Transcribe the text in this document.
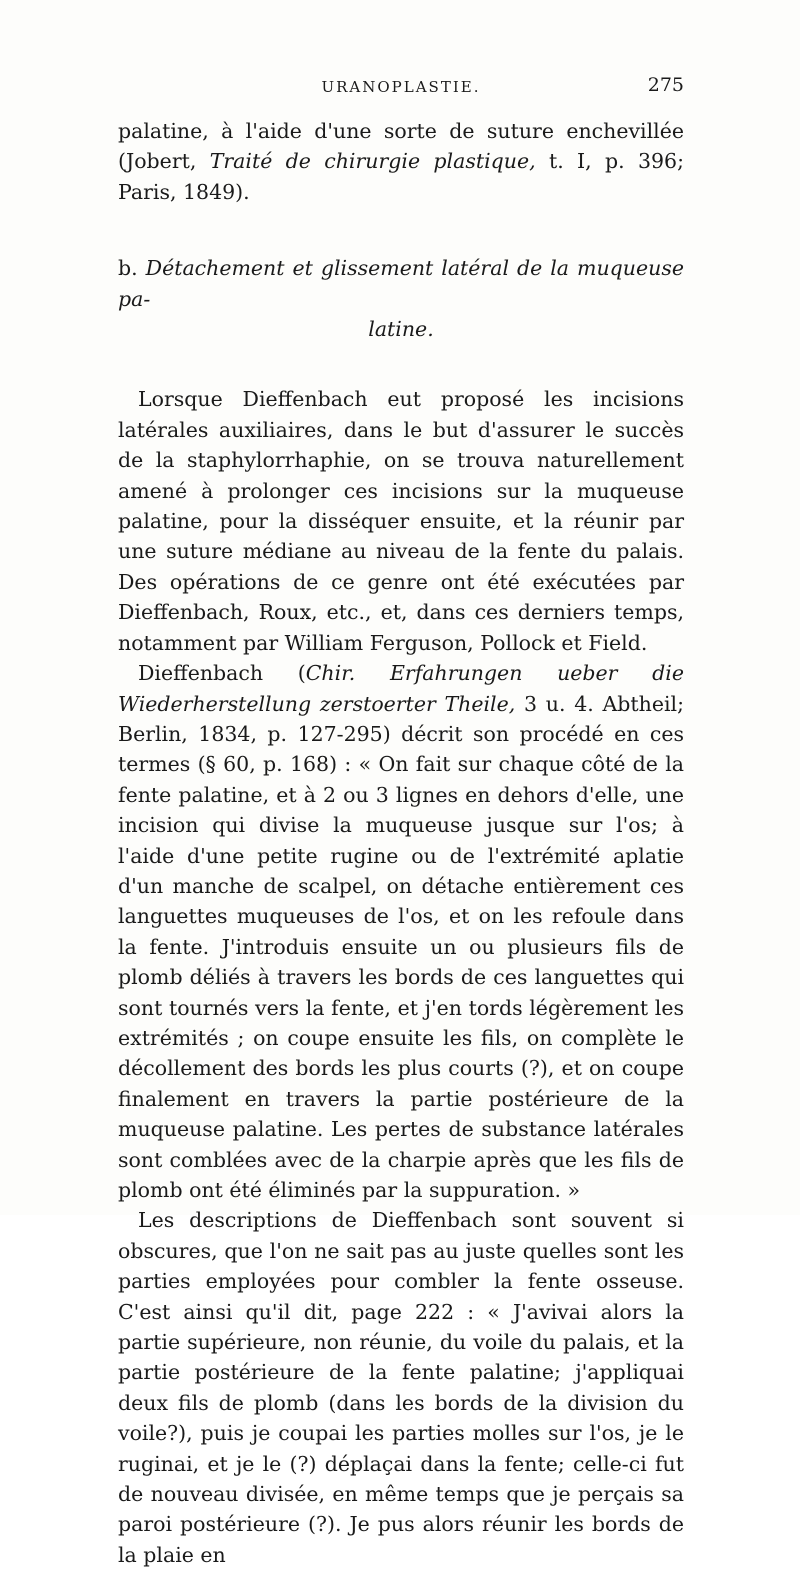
URANOPLASTIE.	275

palatine, à l'aide d'une sorte de suture enchevillée (Jobert, Traité de chirurgie plastique, t. I, p. 396; Paris, 1849).

b. Détachement et glissement latéral de la muqueuse pa-
latine.

Lorsque Dieffenbach eut proposé les incisions latérales auxiliaires, dans le but d'assurer le succès de la staphylorrhaphie, on se trouva naturellement amené à prolonger ces incisions sur la muqueuse palatine, pour la disséquer ensuite, et la réunir par une suture médiane au niveau de la fente du palais. Des opérations de ce genre ont été exécutées par Dieffenbach, Roux, etc., et, dans ces derniers temps, notamment par William Ferguson, Pollock et Field.

Dieffenbach (Chir. Erfahrungen ueber die Wiederherstellung zerstoerter Theile, 3 u. 4. Abtheil; Berlin, 1834, p. 127-295) décrit son procédé en ces termes (§ 60, p. 168) : « On fait sur chaque côté de la fente palatine, et à 2 ou 3 lignes en dehors d'elle, une incision qui divise la muqueuse jusque sur l'os; à l'aide d'une petite rugine ou de l'extrémité aplatie d'un manche de scalpel, on détache entièrement ces languettes muqueuses de l'os, et on les refoule dans la fente. J'introduis ensuite un ou plusieurs fils de plomb déliés à travers les bords de ces languettes qui sont tournés vers la fente, et j'en tords légèrement les extrémités ; on coupe ensuite les fils, on complète le décollement des bords les plus courts (?), et on coupe finalement en travers la partie postérieure de la muqueuse palatine. Les pertes de substance latérales sont comblées avec de la charpie après que les fils de plomb ont été éliminés par la suppuration. »

Les descriptions de Dieffenbach sont souvent si obscures, que l'on ne sait pas au juste quelles sont les parties employées pour combler la fente osseuse. C'est ainsi qu'il dit, page 222 : « J'avivai alors la partie supérieure, non réunie, du voile du palais, et la partie postérieure de la fente palatine; j'appliquai deux fils de plomb (dans les bords de la division du voile?), puis je coupai les parties molles sur l'os, je le ruginai, et je le (?) déplaçai dans la fente; celle-ci fut de nouveau divisée, en même temps que je perçais sa paroi postérieure (?). Je pus alors réunir les bords de la plaie en
